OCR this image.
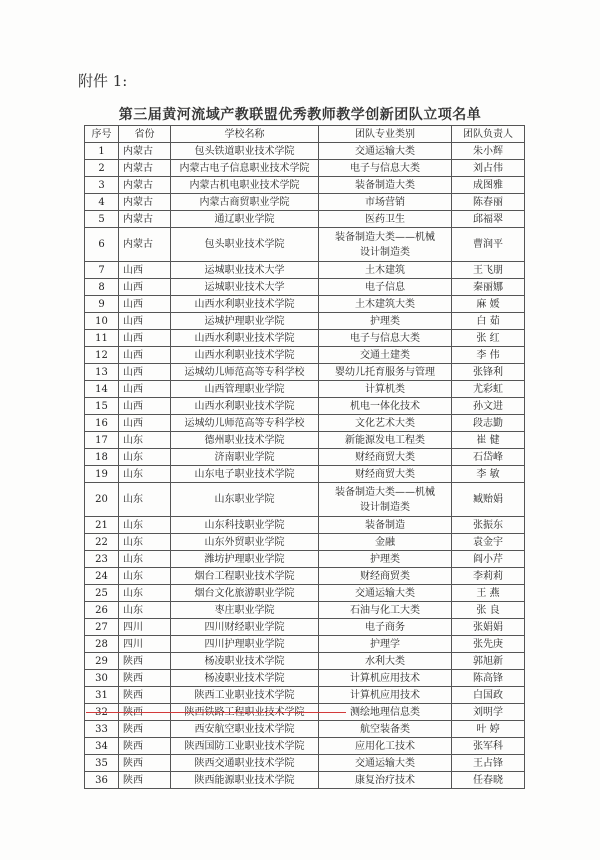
附件 1:
第三届黄河流域产教联盟优秀教师教学创新团队立项名单
序号	省份	学校名称	团队专业类别	团队负责人
1	内蒙古	包头铁道职业技术学院	交通运输大类	朱小辉
2	内蒙古	内蒙古电子信息职业技术学院	电子与信息大类	刘占伟
3	内蒙古	内蒙古机电职业技术学院	装备制造大类	成图雅
4	内蒙古	内蒙古商贸职业学院	市场营销	陈春丽
5	内蒙古	通辽职业学院	医药卫生	邱福翠
6	内蒙古	包头职业技术学院	装备制造大类——机械
设计制造类	曹润平
7	山西	运城职业技术大学	土木建筑	王飞朋
8	山西	运城职业技术大学	电子信息	秦丽娜
9	山西	山西水利职业技术学院	土木建筑大类	麻 媛
10	山西	运城护理职业学院	护理类	白 茹
11	山西	山西水利职业技术学院	电子与信息大类	张 红
12	山西	山西水利职业技术学院	交通土建类	李 伟
13	山西	运城幼儿师范高等专科学校	婴幼儿托育服务与管理	张锋利
14	山西	山西管理职业学院	计算机类	尤彩虹
15	山西	山西水利职业技术学院	机电一体化技术	孙文进
16	山西	运城幼儿师范高等专科学校	文化艺术大类	段志勤
17	山东	德州职业技术学院	新能源发电工程类	崔 健
18	山东	济南职业学院	财经商贸大类	石岱峰
19	山东	山东电子职业技术学院	财经商贸大类	李 敏
20	山东	山东职业学院	装备制造大类——机械
设计制造类	臧贻娟
21	山东	山东科技职业学院	装备制造	张振东
22	山东	山东外贸职业学院	金融	袁金宇
23	山东	潍坊护理职业学院	护理类	阎小芹
24	山东	烟台工程职业技术学院	财经商贸类	李莉莉
25	山东	烟台文化旅游职业学院	交通运输大类	王 燕
26	山东	枣庄职业学院	石油与化工大类	张 良
27	四川	四川财经职业学院	电子商务	张娟娟
28	四川	四川护理职业学院	护理学	张先庚
29	陕西	杨凌职业技术学院	水利大类	郭旭新
30	陕西	杨凌职业技术学院	计算机应用技术	陈高锋
31	陕西	陕西工业职业技术学院	计算机应用技术	白国政
32	陕西	陕西铁路工程职业技术学院	测绘地理信息类	刘明学
33	陕西	西安航空职业技术学院	航空装备类	叶 婷
34	陕西	陕西国防工业职业技术学院	应用化工技术	张军科
35	陕西	陕西交通职业技术学院	交通运输大类	王占锋
36	陕西	陕西能源职业技术学院	康复治疗技术	任春晓
